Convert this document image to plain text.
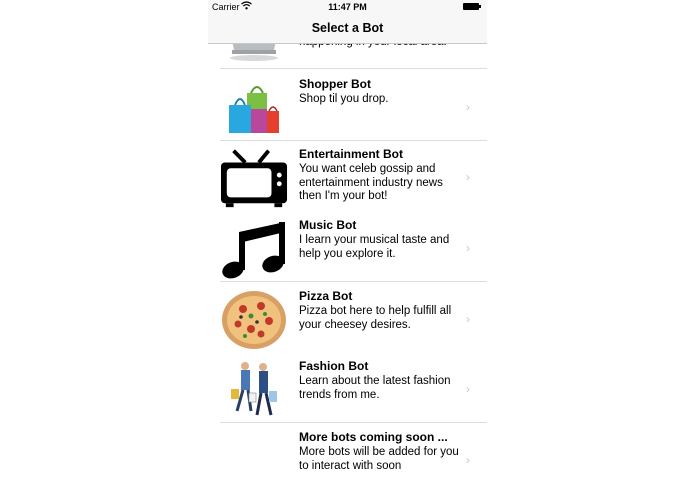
Carrier	11:47 PM
Select a Bot
Shopper Bot
Shop til you drop.
›
Entertainment Bot
You want celeb gossip and entertainment industry news then I'm your bot!
›
Music Bot
I learn your musical taste and help you explore it.	›
Pizza Bot
Pizza bot here to help fulfill all your cheesey desires.	›
Fashion Bot
Learn about the latest fashion trends from me.	›
More bots coming soon ...
More bots will be added for you to interact with soon	›
